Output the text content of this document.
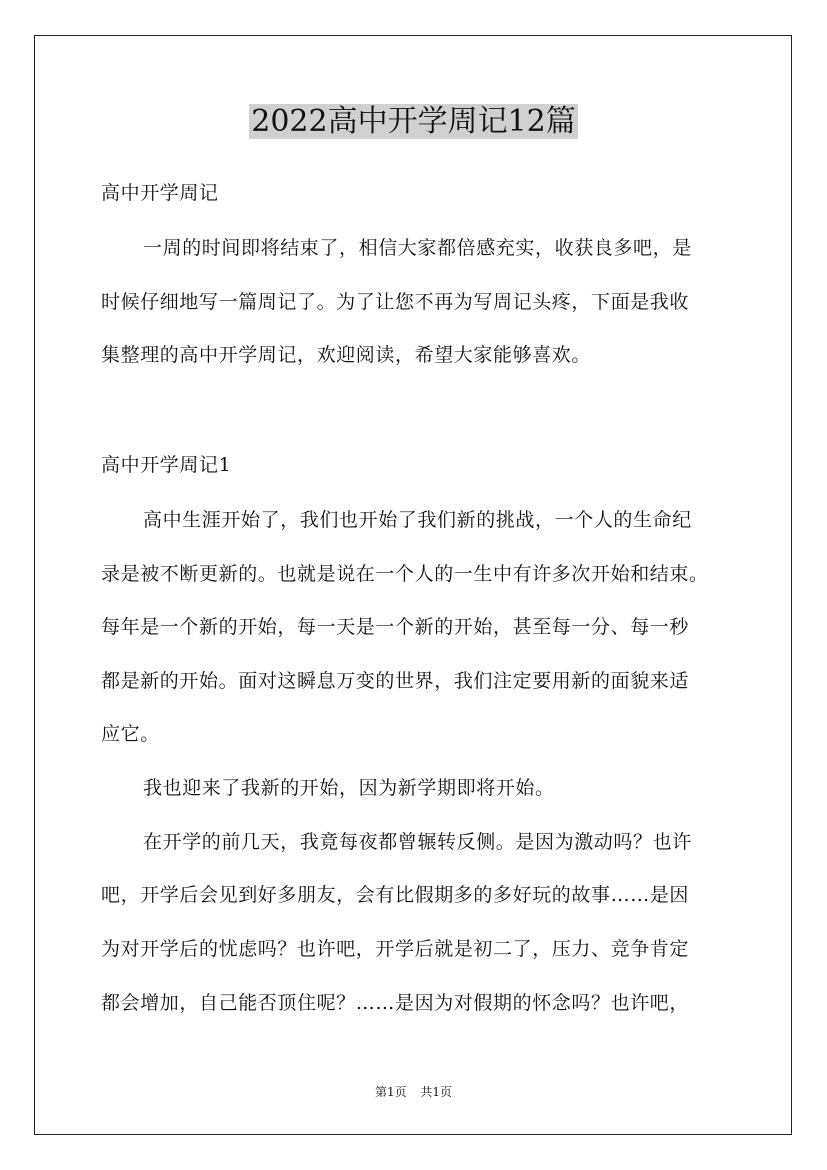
2022高中开学周记12篇
高中开学周记
一周的时间即将结束了，相信大家都倍感充实，收获良多吧，是
时候仔细地写一篇周记了。为了让您不再为写周记头疼，下面是我收
集整理的高中开学周记，欢迎阅读，希望大家能够喜欢。
高中开学周记1
高中生涯开始了，我们也开始了我们新的挑战，一个人的生命纪
录是被不断更新的。也就是说在一个人的一生中有许多次开始和结束。
每年是一个新的开始，每一天是一个新的开始，甚至每一分、每一秒
都是新的开始。面对这瞬息万变的世界，我们注定要用新的面貌来适
应它。
我也迎来了我新的开始，因为新学期即将开始。
在开学的前几天，我竟每夜都曾辗转反侧。是因为激动吗？也许
吧，开学后会见到好多朋友，会有比假期多的多好玩的故事……是因
为对开学后的忧虑吗？也许吧，开学后就是初二了，压力、竞争肯定
都会增加，自己能否顶住呢？……是因为对假期的怀念吗？也许吧，
第1页 共1页
